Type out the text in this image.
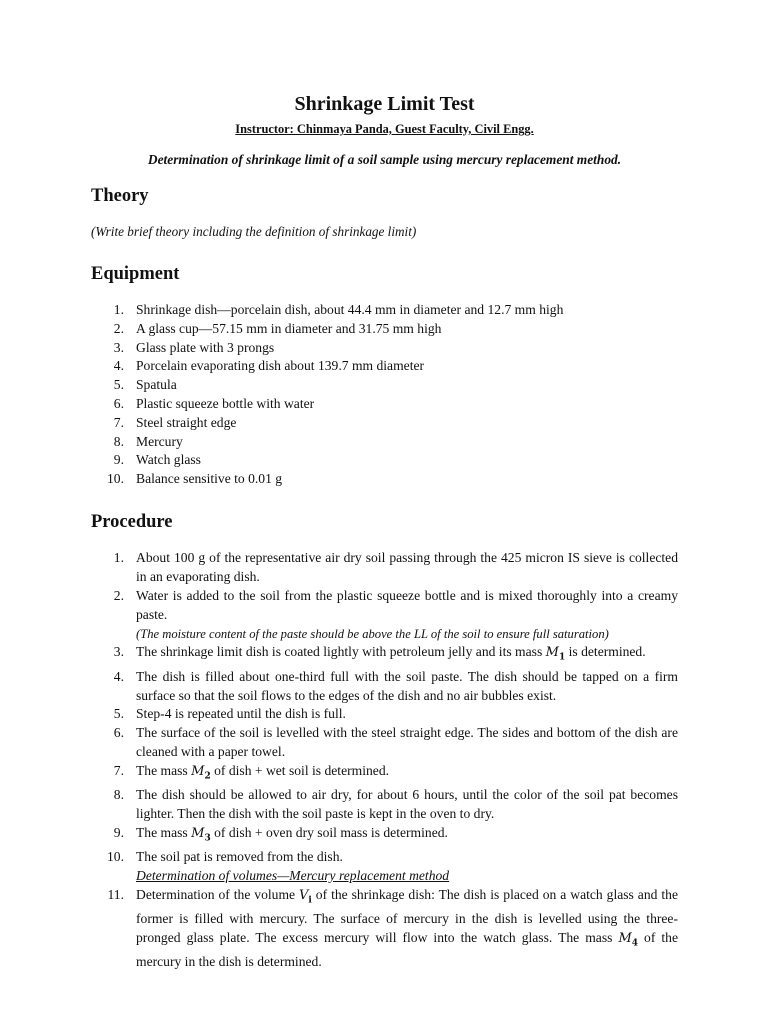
Shrinkage Limit Test
Instructor: Chinmaya Panda, Guest Faculty, Civil Engg.
Determination of shrinkage limit of a soil sample using mercury replacement method.
Theory
(Write brief theory including the definition of shrinkage limit)
Equipment
1. Shrinkage dish—porcelain dish, about 44.4 mm in diameter and 12.7 mm high
2. A glass cup—57.15 mm in diameter and 31.75 mm high
3. Glass plate with 3 prongs
4. Porcelain evaporating dish about 139.7 mm diameter
5. Spatula
6. Plastic squeeze bottle with water
7. Steel straight edge
8. Mercury
9. Watch glass
10. Balance sensitive to 0.01 g
Procedure
1. About 100 g of the representative air dry soil passing through the 425 micron IS sieve is collected in an evaporating dish.
2. Water is added to the soil from the plastic squeeze bottle and is mixed thoroughly into a creamy paste.
(The moisture content of the paste should be above the LL of the soil to ensure full saturation)
3. The shrinkage limit dish is coated lightly with petroleum jelly and its mass $M_1$ is determined.
4. The dish is filled about one-third full with the soil paste. The dish should be tapped on a firm surface so that the soil flows to the edges of the dish and no air bubbles exist.
5. Step-4 is repeated until the dish is full.
6. The surface of the soil is levelled with the steel straight edge. The sides and bottom of the dish are cleaned with a paper towel.
7. The mass $M_2$ of dish + wet soil is determined.
8. The dish should be allowed to air dry, for about 6 hours, until the color of the soil pat becomes lighter. Then the dish with the soil paste is kept in the oven to dry.
9. The mass $M_3$ of dish + oven dry soil mass is determined.
10. The soil pat is removed from the dish.
Determination of volumes—Mercury replacement method
11. Determination of the volume $V_i$ of the shrinkage dish: The dish is placed on a watch glass and the former is filled with mercury. The surface of mercury in the dish is levelled using the three-pronged glass plate. The excess mercury will flow into the watch glass. The mass $M_4$ of the mercury in the dish is determined.
